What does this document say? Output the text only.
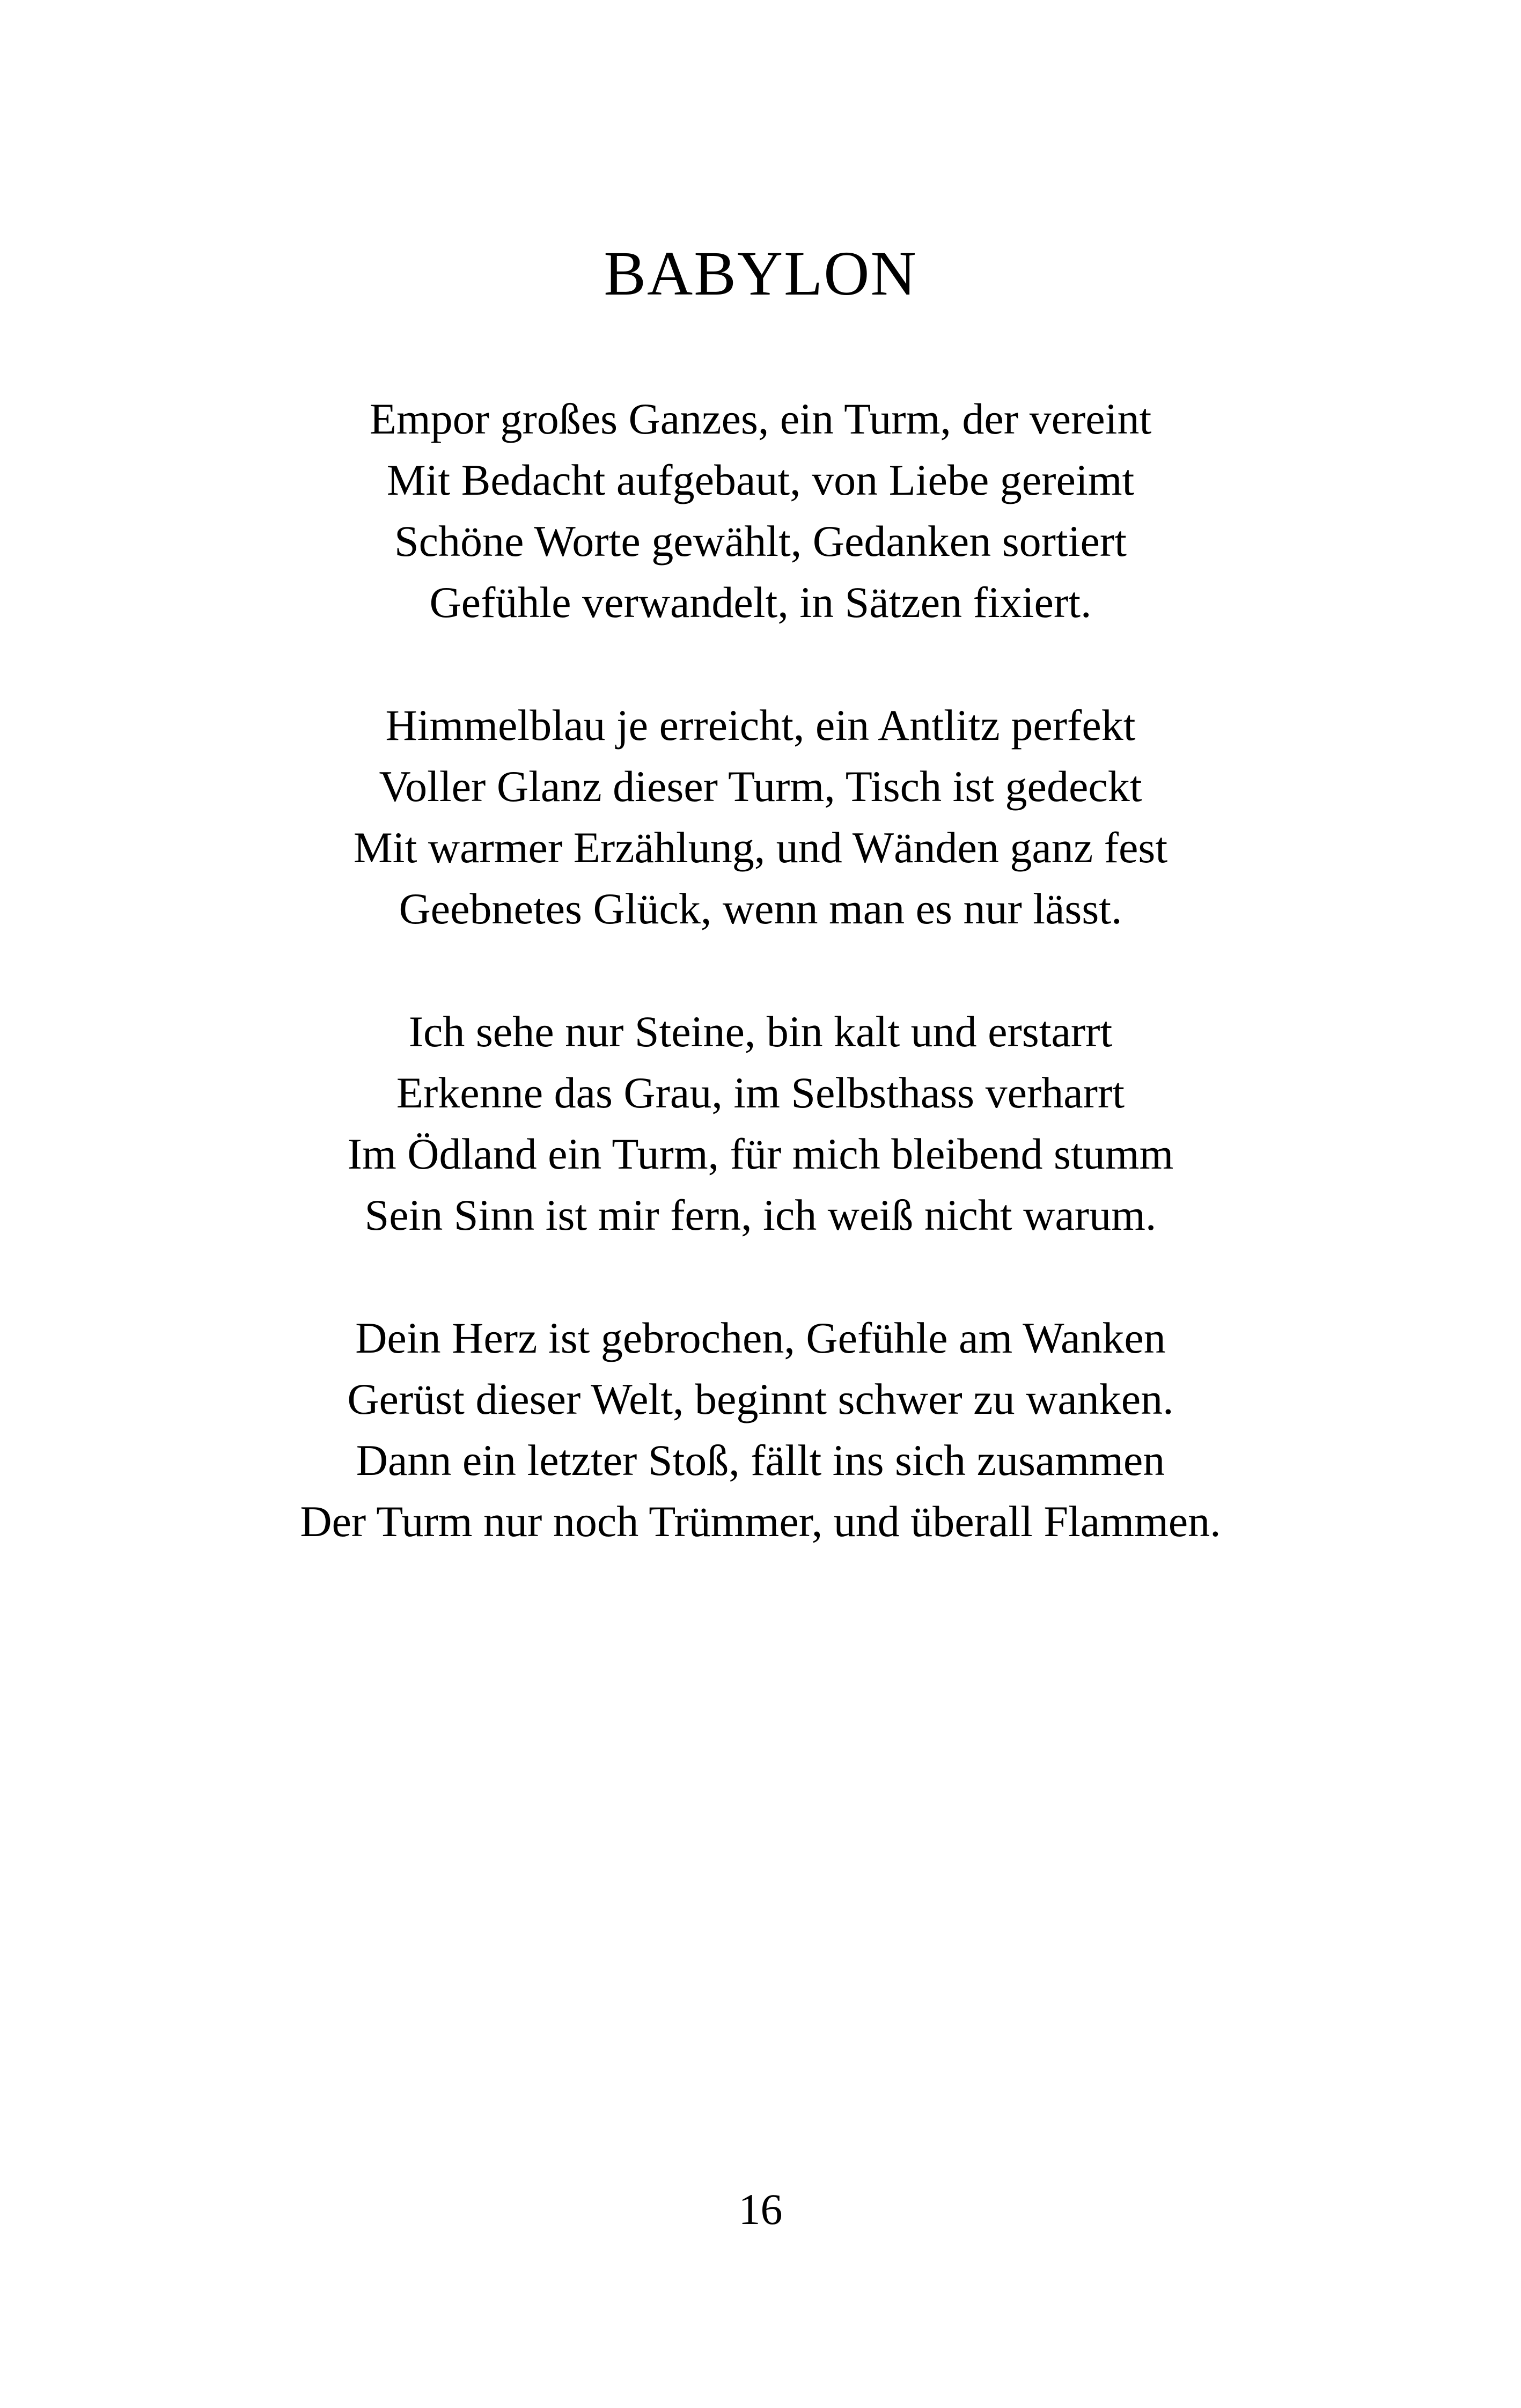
BABYLON
Empor großes Ganzes, ein Turm, der vereint
Mit Bedacht aufgebaut, von Liebe gereimt
Schöne Worte gewählt, Gedanken sortiert
Gefühle verwandelt, in Sätzen fixiert.
Himmelblau je erreicht, ein Antlitz perfekt
Voller Glanz dieser Turm, Tisch ist gedeckt
Mit warmer Erzählung, und Wänden ganz fest
Geebnetes Glück, wenn man es nur lässt.
Ich sehe nur Steine, bin kalt und erstarrt
Erkenne das Grau, im Selbsthass verharrt
Im Ödland ein Turm, für mich bleibend stumm
Sein Sinn ist mir fern, ich weiß nicht warum.
Dein Herz ist gebrochen, Gefühle am Wanken
Gerüst dieser Welt, beginnt schwer zu wanken.
Dann ein letzter Stoß, fällt ins sich zusammen
Der Turm nur noch Trümmer, und überall Flammen.
16
